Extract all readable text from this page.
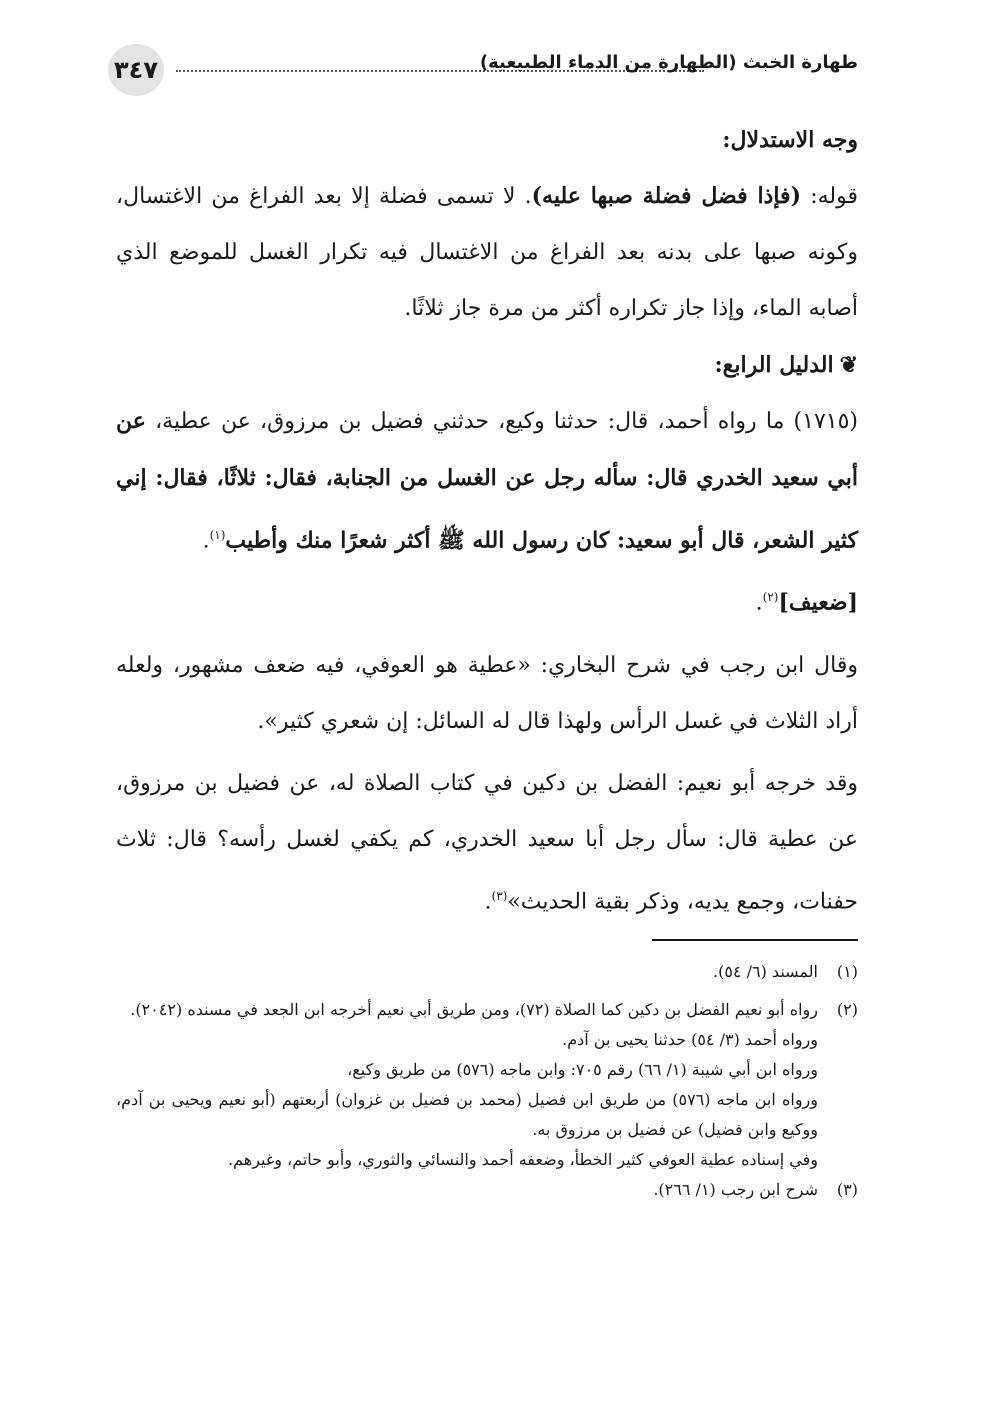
٣٤٧	طهارة الخبث (الطهارة من الدماء الطبيعية)

وجه الاستدلال:

قوله: (فإذا فضل فضلة صبها عليه). لا تسمى فضلة إلا بعد الفراغ من الاغتسال، وكونه صبها على بدنه بعد الفراغ من الاغتسال فيه تكرار الغسل للموضع الذي أصابه الماء، وإذا جاز تكراره أكثر من مرة جاز ثلاثًا.

❦الدليل الرابع:

(١٧١٥) ما رواه أحمد، قال: حدثنا وكيع، حدثني فضيل بن مرزوق، عن عطية، عن أبي سعيد الخدري قال: سأله رجل عن الغسل من الجنابة، فقال: ثلاثًا، فقال: إني كثير الشعر، قال أبو سعيد: كان رسول الله ﷺ أكثر شعرًا منك وأطيب$^{(١)}$.

[ضعيف]$^{(٢)}$.

وقال ابن رجب في شرح البخاري: «عطية هو العوفي، فيه ضعف مشهور، ولعله أراد الثلاث في غسل الرأس ولهذا قال له السائل: إن شعري كثير».

وقد خرجه أبو نعيم: الفضل بن دكين في كتاب الصلاة له، عن فضيل بن مرزوق، عن عطية قال: سأل رجل أبا سعيد الخدري، كم يكفي لغسل رأسه؟ قال: ثلاث حفنات، وجمع يديه، وذكر بقية الحديث»$^{(٣)}$.

(١)
المسند (٦/ ٥٤).

(٢)
رواه أبو نعيم الفضل بن دكين كما الصلاة (٧٢)، ومن طريق أبي نعيم أخرجه ابن الجعد في مسنده (٢٠٤٢).

ورواه أحمد (٣/ ٥٤) حدثنا يحيى بن آدم.

ورواه ابن أبي شيبة (١/ ٦٦) رقم ٧٠٥: وابن ماجه (٥٧٦) من طريق وكيع،

ورواه ابن ماجه (٥٧٦) من طريق ابن فضيل (محمد بن فضيل بن غزوان) أربعتهم (أبو نعيم ويحيى بن آدم، ووكيع وابن فضيل) عن فضيل بن مرزوق به.

وفي إسناده عطية العوفي كثير الخطأ، وضعفه أحمد والنسائي والثوري، وأبو حاتم، وغيرهم.

(٣)
شرح ابن رجب (١/ ٢٦٦).
